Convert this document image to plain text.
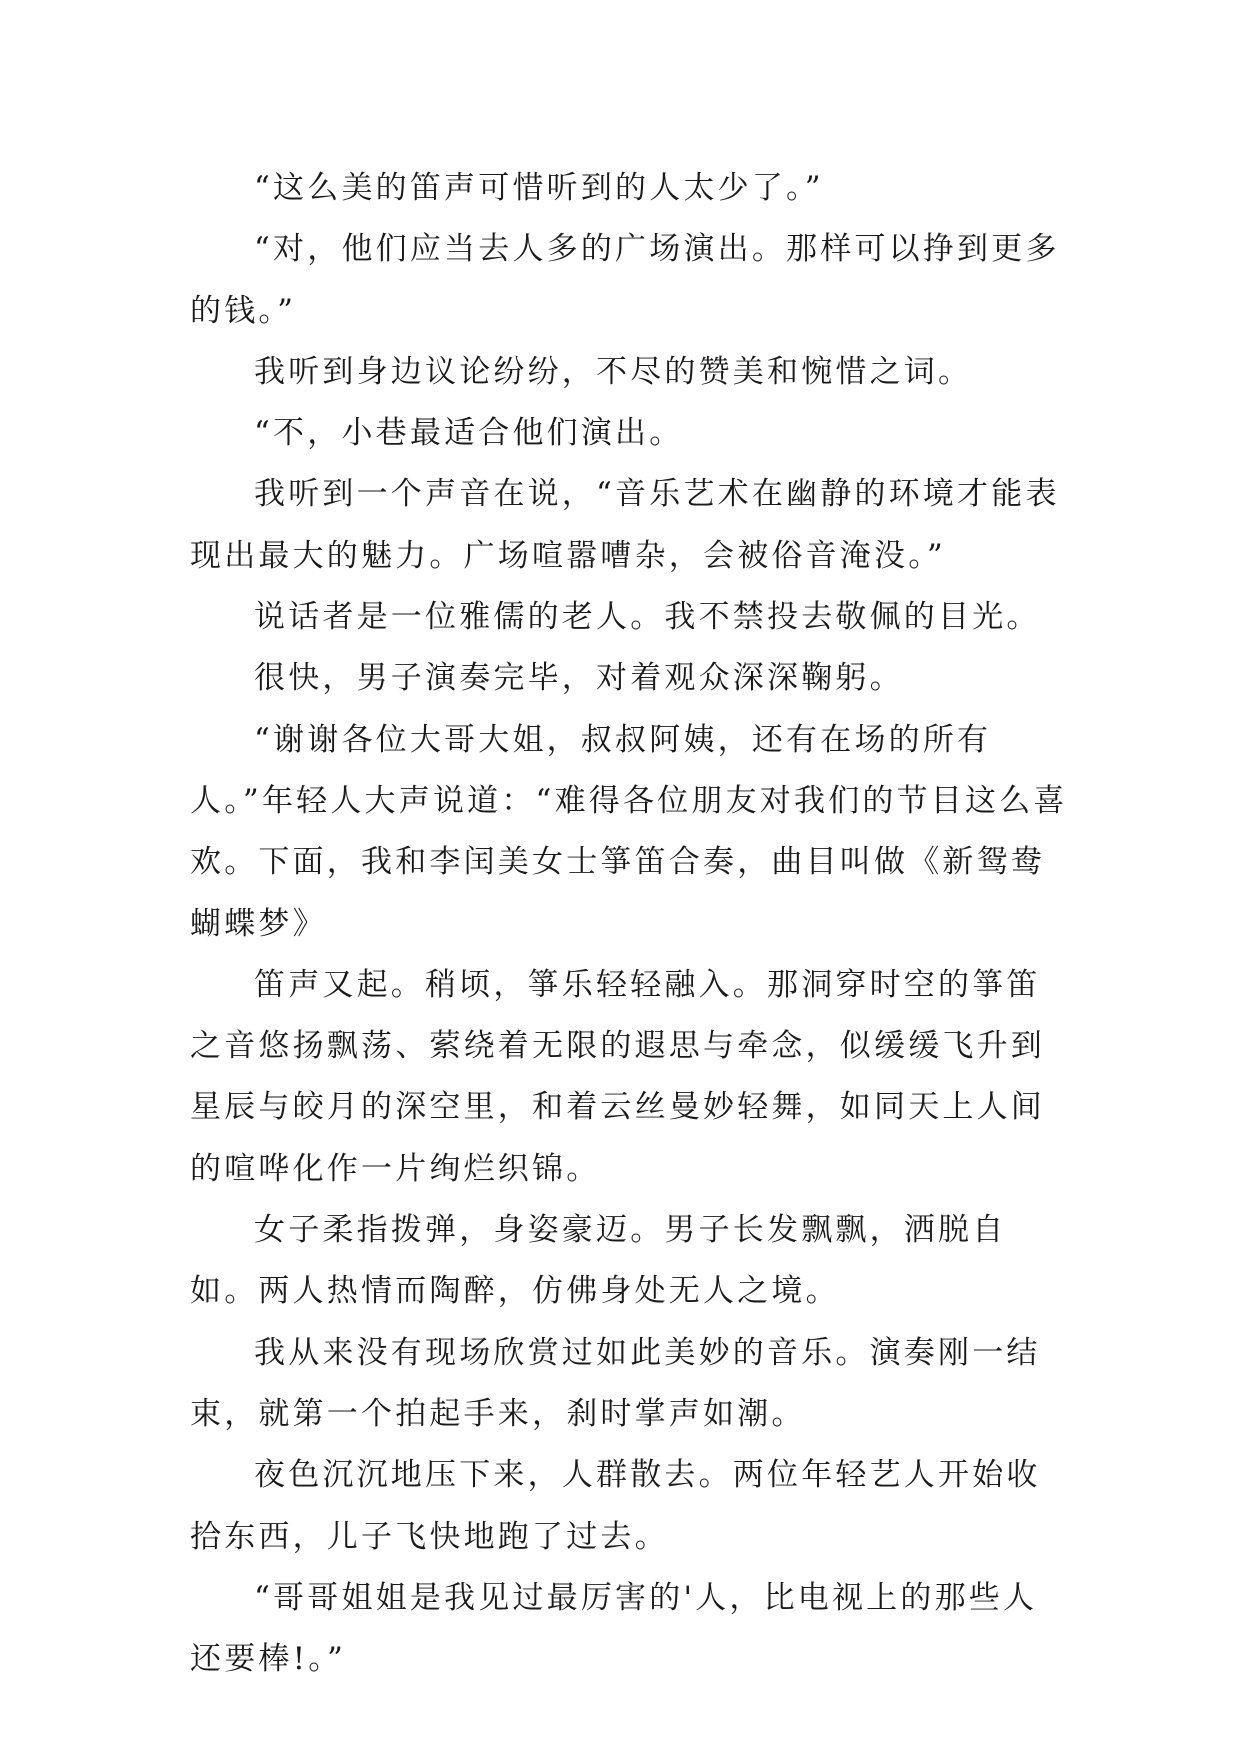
“这么美的笛声可惜听到的人太少了。”

“对，他们应当去人多的广场演出。那样可以挣到更多的钱。”

我听到身边议论纷纷，不尽的赞美和惋惜之词。

“不，小巷最适合他们演出。

我听到一个声音在说，“音乐艺术在幽静的环境才能表现出最大的魅力。广场喧嚣嘈杂，会被俗音淹没。”

说话者是一位雅儒的老人。我不禁投去敬佩的目光。

很快，男子演奏完毕，对着观众深深鞠躬。

“谢谢各位大哥大姐，叔叔阿姨，还有在场的所有人。”年轻人大声说道：“难得各位朋友对我们的节目这么喜欢。下面，我和李闰美女士箏笛合奏，曲目叫做《新鸳鸯蝴蝶梦》

笛声又起。稍顷，箏乐轻轻融入。那洞穿时空的箏笛之音悠扬飘荡、萦绕着无限的遐思与牵念，似缓缓飞升到星辰与皎月的深空里，和着云丝曼妙轻舞，如同天上人间的喧哗化作一片绚烂织锦。

女子柔指拨弹，身姿豪迈。男子长发飘飘，洒脱自如。两人热情而陶醉，仿佛身处无人之境。

我从来没有现场欣赏过如此美妙的音乐。演奏刚一结束，就第一个拍起手来，刹时掌声如潮。

夜色沉沉地压下来，人群散去。两位年轻艺人开始收拾东西，儿子飞快地跑了过去。

“哥哥姐姐是我见过最厉害的'人，比电视上的那些人还要棒!。”
